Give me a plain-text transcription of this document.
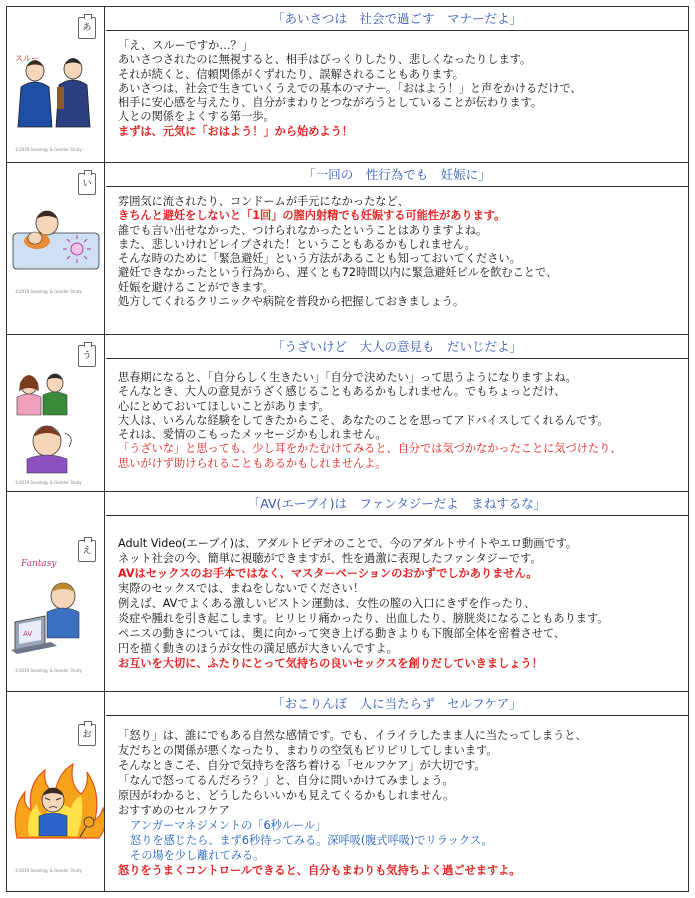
あ
スルー
©2019 Sexology & Gender Study
「あいさつは　社会で過ごす　マナーだよ」
「え、スルーですか…？」
あいさつされたのに無視すると、相手はびっくりしたり、悲しくなったりします。
それが続くと、信頼関係がくずれたり、誤解されることもあります。
あいさつは、社会で生きていくうえでの基本のマナー。「おはよう！」と声をかけるだけで、
相手に安心感を与えたり、自分がまわりとつながろうとしていることが伝わります。
人との関係をよくする第一歩。
まずは、元気に「おはよう！」から始めよう！
い
©2019 Sexology & Gender Study
「一回の　性行為でも　妊娠に」
雰囲気に流されたり、コンドームが手元になかったなど、
きちんと避妊をしないと「1回」の膣内射精でも妊娠する可能性があります。
誰でも言い出せなかった、つけられなかったということはありますよね。
また、悲しいけれどレイプされた！ということもあるかもしれません。
そんな時のために「緊急避妊」という方法があることも知っておいてください。
避妊できなかったという行為から、遅くとも72時間以内に緊急避妊ピルを飲むことで、
妊娠を避けることができます。
処方してくれるクリニックや病院を普段から把握しておきましょう。
う
©2019 Sexology & Gender Study
「うざいけど　大人の意見も　だいじだよ」
思春期になると、「自分らしく生きたい」「自分で決めたい」って思うようになりますよね。
そんなとき、大人の意見がうざく感じることもあるかもしれません。でもちょっとだけ、
心にとめておいてほしいことがあります。
大人は、いろんな経験をしてきたからこそ、あなたのことを思ってアドバイスしてくれるんです。
それは、愛情のこもったメッセージかもしれません。
「うざいな」と思っても、少し耳をかたむけてみると、自分では気づかなかったことに気づけたり、
思いがけず助けられることもあるかもしれませんよ。
え
Fantasy
AV
©2019 Sexology & Gender Study
「AV(エーブイ)は　ファンタジーだよ　まねするな」
Adult Video(エーブイ)は、アダルトビデオのことで、今のアダルトサイトやエロ動画です。
ネット社会の今、簡単に視聴ができますが、性を過激に表現したファンタジーです。
AVはセックスのお手本ではなく、マスターベーションのおかずでしかありません。
実際のセックスでは、まねをしないでください！
例えば、AVでよくある激しいピストン運動は、女性の膣の入口にきずを作ったり、
炎症や腫れを引き起こします。ヒリヒリ痛かったり、出血したり、膀胱炎になることもあります。
ペニスの動きについては、奥に向かって突き上げる動きよりも下腹部全体を密着させて、
円を描く動きのほうが女性の満足感が大きいんですよ。
お互いを大切に、ふたりにとって気持ちの良いセックスを創りだしていきましょう！
お
©2019 Sexology & Gender Study
「おこりんぼ　人に当たらず　セルフケア」
「怒り」は、誰にでもある自然な感情です。でも、イライラしたまま人に当たってしまうと、
友だちとの関係が悪くなったり、まわりの空気もピリピリしてしまいます。
そんなときこそ、自分で気持ちを落ち着ける「セルフケア」が大切です。
「なんで怒ってるんだろう？」と、自分に問いかけてみましょう。
原因がわかると、どうしたらいいかも見えてくるかもしれません。
おすすめのセルフケア
アンガーマネジメントの「6秒ルール」
怒りを感じたら、まず6秒待ってみる。深呼吸(腹式呼吸)でリラックス。
その場を少し離れてみる。
怒りをうまくコントロールできると、自分もまわりも気持ちよく過ごせますよ。
